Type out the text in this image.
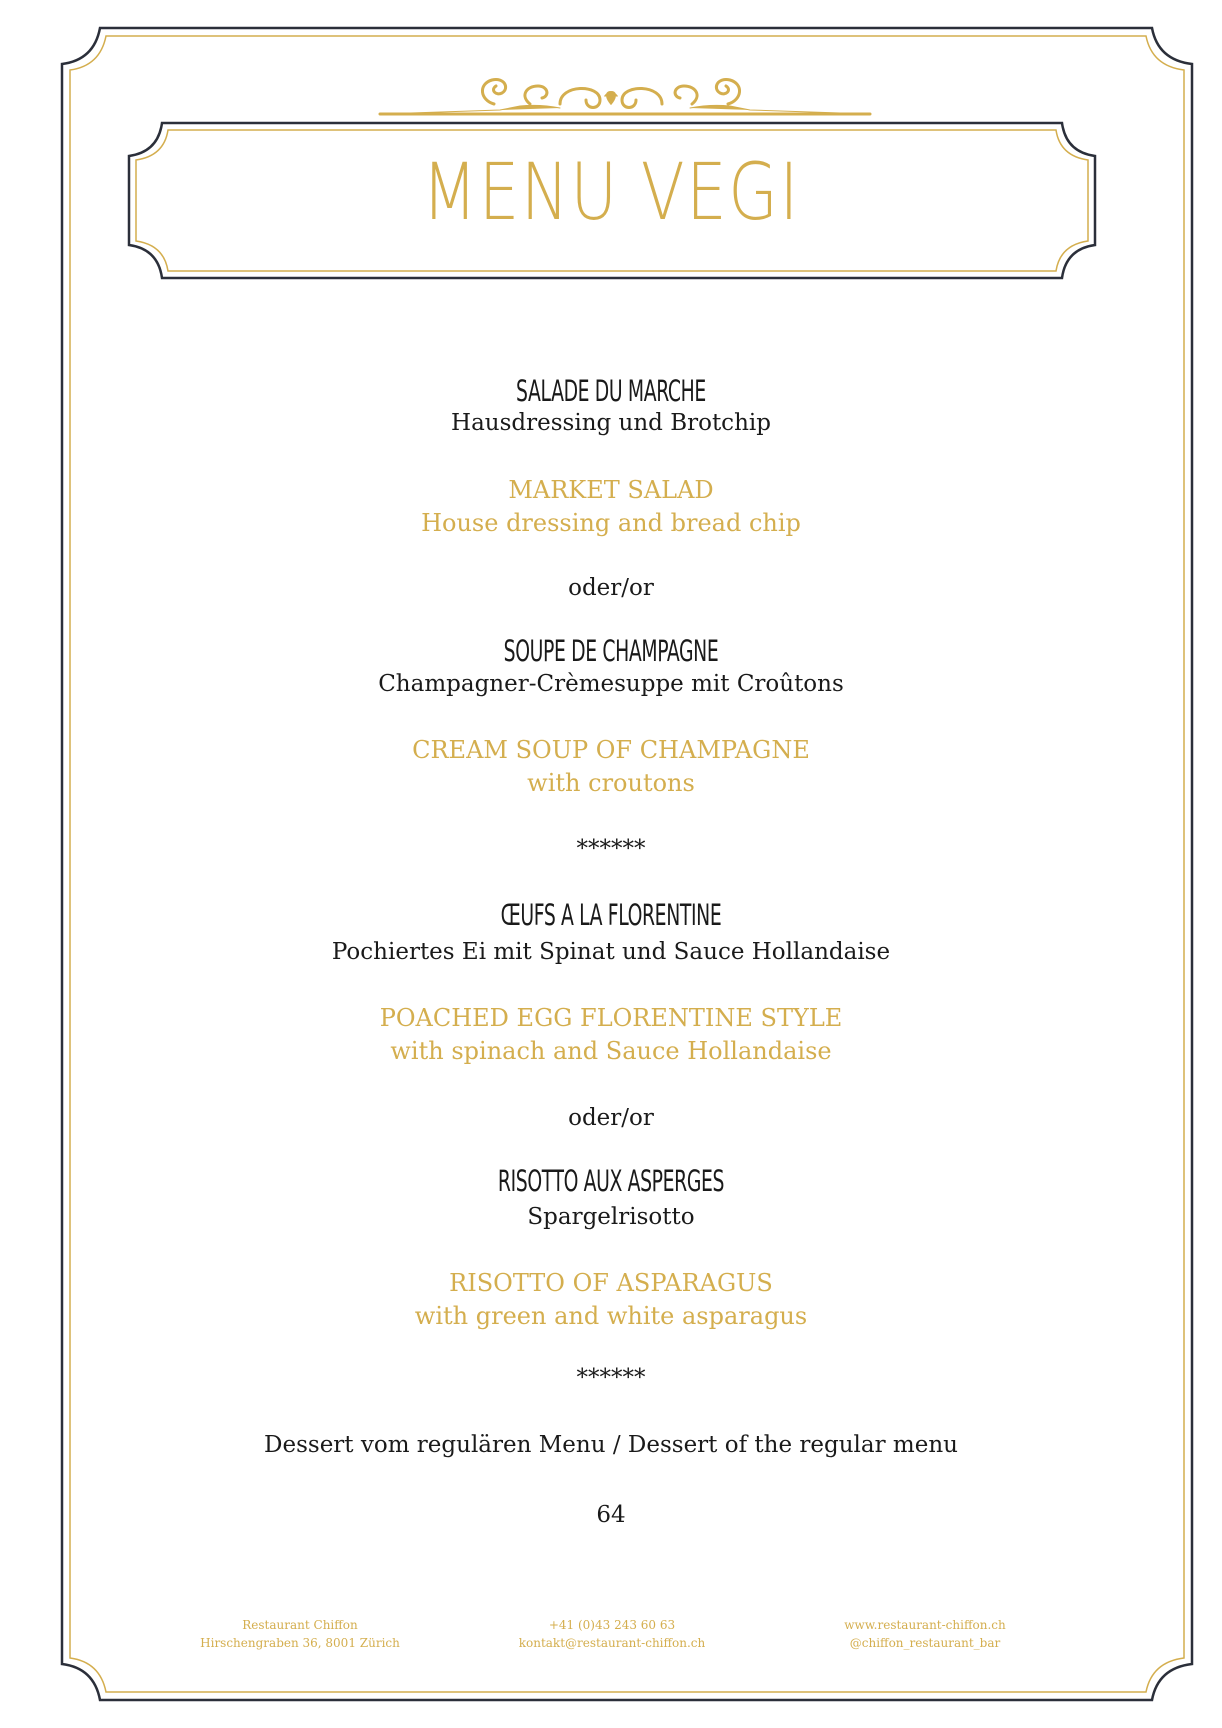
MENU VEGI
SALADE DU MARCHE
Hausdressing und Brotchip
MARKET SALAD
House dressing and bread chip
oder/or
SOUPE DE CHAMPAGNE
Champagner-Crèmesuppe mit Croûtons
CREAM SOUP OF CHAMPAGNE
with croutons
******
ŒUFS A LA FLORENTINE
Pochiertes Ei mit Spinat und Sauce Hollandaise
POACHED EGG FLORENTINE STYLE
with spinach and Sauce Hollandaise
oder/or
RISOTTO AUX ASPERGES
Spargelrisotto
RISOTTO OF ASPARAGUS
with green and white asparagus
******
Dessert vom regulären Menu / Dessert of the regular menu
64
Restaurant Chiffon
Hirschengraben 36, 8001 Zürich
+41 (0)43 243 60 63
kontakt@restaurant-chiffon.ch
www.restaurant-chiffon.ch
@chiffon_restaurant_bar
